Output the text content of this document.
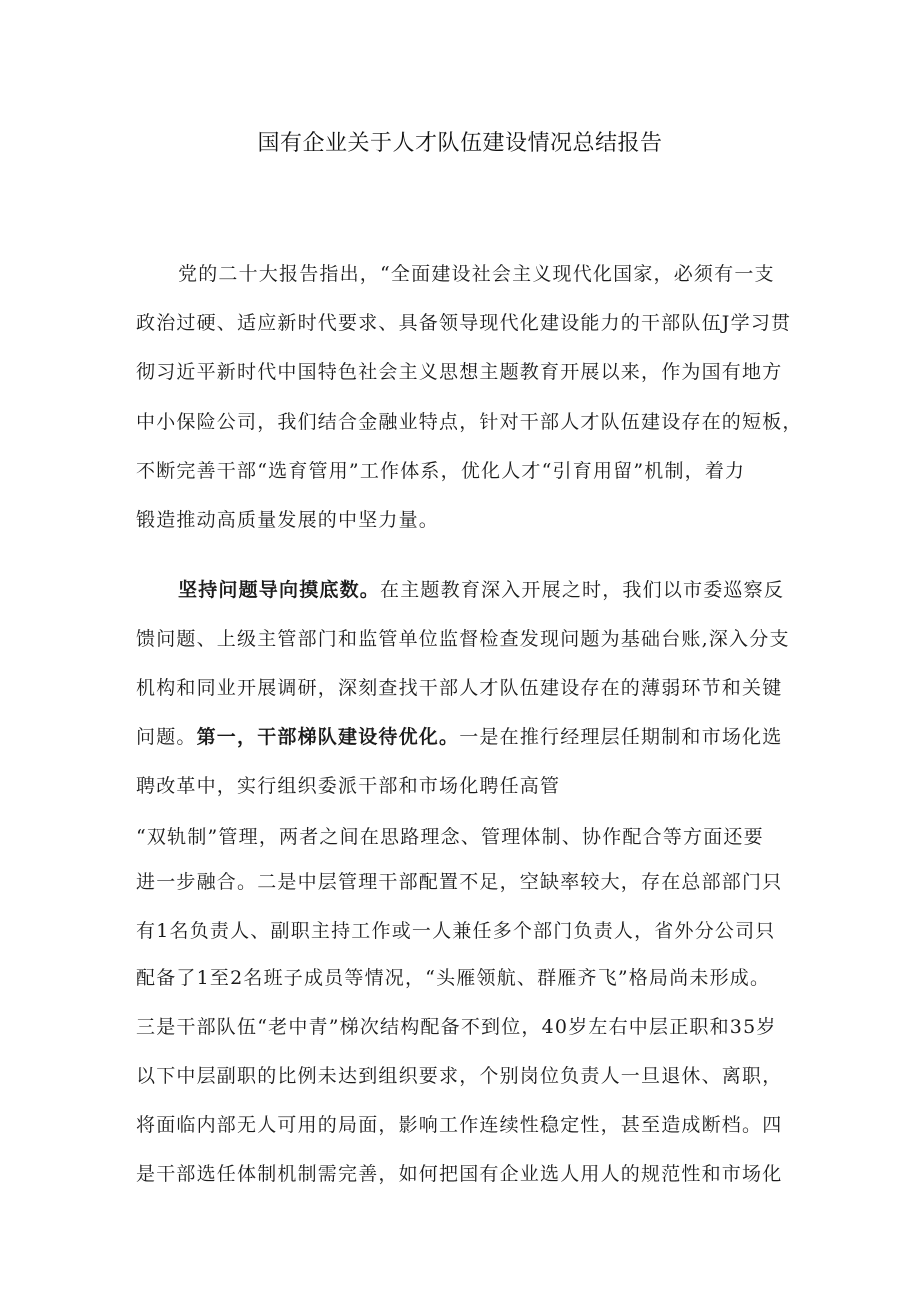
国有企业关于人才队伍建设情况总结报告
党的二十大报告指出，“全面建设社会主义现代化国家，必须有一支
政治过硬、适应新时代要求、具备领导现代化建设能力的干部队伍J学习贯
彻习近平新时代中国特色社会主义思想主题教育开展以来，作为国有地方
中小保险公司，我们结合金融业特点，针对干部人才队伍建设存在的短板，
不断完善干部“选育管用”工作体系，优化人才“引育用留”机制，着力
锻造推动高质量发展的中坚力量。
坚持问题导向摸底数。在主题教育深入开展之时，我们以市委巡察反
馈问题、上级主管部门和监管单位监督检查发现问题为基础台账,深入分支
机构和同业开展调研，深刻查找干部人才队伍建设存在的薄弱环节和关键
问题。第一，干部梯队建设待优化。一是在推行经理层任期制和市场化选
聘改革中，实行组织委派干部和市场化聘任高管
“双轨制”管理，两者之间在思路理念、管理体制、协作配合等方面还要
进一步融合。二是中层管理干部配置不足，空缺率较大，存在总部部门只
有1名负责人、副职主持工作或一人兼任多个部门负责人，省外分公司只
配备了1至2名班子成员等情况，“头雁领航、群雁齐飞”格局尚未形成。
三是干部队伍“老中青”梯次结构配备不到位，40岁左右中层正职和35岁
以下中层副职的比例未达到组织要求，个别岗位负责人一旦退休、离职，
将面临内部无人可用的局面，影响工作连续性稳定性，甚至造成断档。四
是干部选任体制机制需完善，如何把国有企业选人用人的规范性和市场化
